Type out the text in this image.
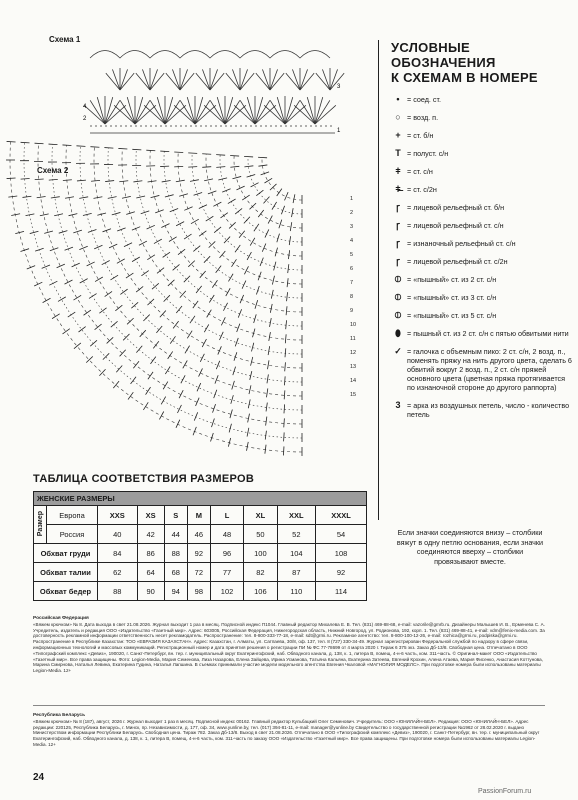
Схема 1
Схема 2
3
4
2
1
1
2
3
4
5
6
7
8
9
10
11
12
13
14
15
УСЛОВНЫЕ
ОБОЗНАЧЕНИЯ
К СХЕМАМ В НОМЕРЕ
•	= соед. ст.
○ = возд. п.
+ = ст. б/н
T = полуст. с/н
ǂ = ст. с/н
ǂ̶ = ст. с/2н
ꞅ = лицевой рельефный ст. б/н
ꞅ = лицевой рельефный ст. с/н
ꞅ = изнаночный рельефный ст. с/н
ꞅ = лицевой рельефный ст. с/2н
⦶ = «пышный» ст. из 2 ст. с/н
⦶ = «пышный» ст. из 3 ст. с/н
⦶ = «пышный» ст. из 5 ст. с/н
⬮ = пышный ст. из 2 ст. с/н с пятью обвитыми нити
✓ = галочка с объемным пико: 2 ст. с/н, 2 возд. п., поменять пряжу на нить другого цвета, сделать 6 обвитий вокруг 2 возд. п., 2 ст. с/н пряжей основного цвета (цветная пряжа протягивается по изнаночной стороне до другого раппорта)
3 = арка из воздушных петель, число - количество петель
Если значки соединяются внизу – столбики вяжут в одну петлю основания, если значки соединяются вверху – столбики провязывают вместе.
ТАБЛИЦА СООТВЕТСТВИЯ РАЗМЕРОВ
ЖЕНСКИЕ РАЗМЕРЫ									
Размер	Европа	XXS	XS	S	M	L	XL	XXL	XXXL
	Россия	40	42	44	46	48	50	52	54
Обхват груди		84	86	88	92	96	100	104	108
Обхват талии		62	64	68	72	77	82	87	92
Обхват бедер		88	90	94	98	102	106	110	114
Российская Федерация
«Вяжем крючком» № 8. Дата выхода в свет 21.08.2026. Журнал выходит 1 раз в месяц. Подписной индекс П1044. Главный редактор Михалева Е. В. Тел. (831) 469-88-68, e-mail: vazorile@gmrb.ru. Дизайнеры Малышев И. В., Ерменева С. А. Учредитель, издатель и редакция ООО «Издательство «Газетный мир». Адрес: 603005, Российская Федерация, Нижегородская область, Нижний Новгород, ул. Родионова, 192, корп. 1. Тел. (831) 469-88-41, e-mail: vdm@fenix-media.com. За достоверность рекламной информации ответственность несет рекламодатель. Распространение: тел. 8-800-333-77-18, e-mail: sdt@grmi.ru. Рекламное агентство: тел. 8-800-100-12-26, e-mail: rozhica@grmi.ru, podpiska@grmi.ru. Распространение в Республике Казахстан: ТОО «ЕВРАЗИЯ КАЗАХСТАН». Адрес: Казахстан, г. Алматы, ул. Сатпаева, 30/8, оф. 137, тел. 8 (727) 330-34-49. Журнал зарегистрирован Федеральной службой по надзору в сфере связи, информационных технологий и массовых коммуникаций. Регистрационный номер и дата принятия решения о регистрации ПИ № ФС 77-78699 от 4 марта 2020 г. Тираж 6 375 экз. Заказ Дб-13/8. Свободная цена. Отпечатано в ООО «Типографский комплекс «Девиз», 190020, г. Санкт-Петербург, вн. тер. г. муниципальный округ Екатерингофский, наб. Обводного канала, д. 138, к. 1, литера В, помещ. 4-н-6 часть, ком. 311-часть. © Оригинал-макет ООО «Издательство «Газетный мир». Все права защищены. Фото: Legion-Media, Мария Семенова, Лиза Назарова, Елена Зайцева, Ирина Усманова, Татьяна Кальяна, Екатерина Затеева, Евгений Крохин, Алена Атаева, Мария Фисенко, Анастасия Коттунова, Марина Смирнова, Наталья Левина, Екатерина Гудина, Наталья Лапшина. В съемках принимали участие модели модельного агентства Евгения Чкаловой «МАГНОЛИЯ МОДЕЛС». При подготовке номера были использованы материалы Legion-Media. 12+
Республика Беларусь
«Вяжем крючком» № 8 (187), август, 2026 г. Журнал выходит 1 раз в месяц. Подписной индекс 00162. Главный редактор Кульбацкий Олег Семенович. Учредитель: ООО «ЮНИЛАЙН-БЕЛ». Редакция: ООО «ЮНИЛАЙН-БЕЛ». Адрес редакции: 220125, Республика Беларусь, г. Минск, пр. Независимости, д. 177, оф. 34, www.yunline.by, тел. (017) 394-81-11, e-mail: manager@yunline.by Свидетельство о государственной регистрации №1962 от 28.02.2020 г. выдано Министерством информации Республики Беларусь. Свободная цена. Тираж 782. Заказ Дб-13/8. Выход в свет 21.08.2026. Отпечатано в ООО «Типографский комплекс «Девиз», 190020, г. Санкт-Петербург, вн. тер. г. муниципальный округ Екатерингофский, наб. Обводного канала, д. 138, к. 1, литера В, помещ. 4-н-6 часть, ком. 311-часть по заказу ООО «Издательство «Газетный мир». Все права защищены. При подготовке номера были использованы материалы Legion-Media. 12+
24
PassionForum.ru
